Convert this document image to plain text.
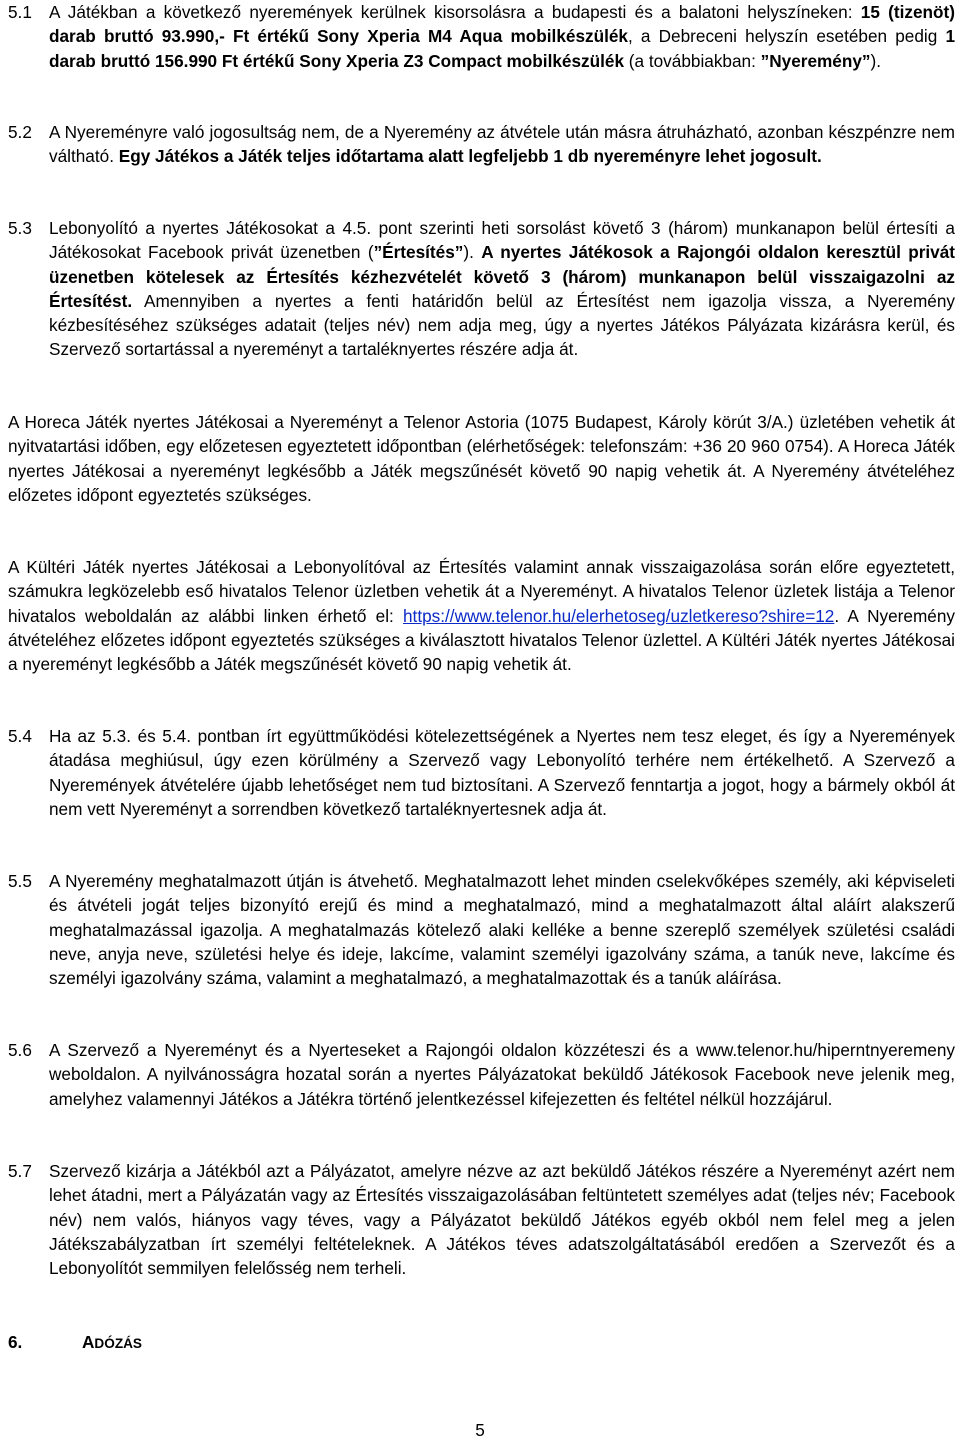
5.1 A Játékban a következő nyeremények kerülnek kisorsolásra a budapesti és a balatoni helyszíneken: 15 (tizenöt) darab bruttó 93.990,- Ft értékű Sony Xperia M4 Aqua mobilkészülék, a Debreceni helyszín esetében pedig 1 darab bruttó 156.990 Ft értékű Sony Xperia Z3 Compact mobilkészülék (a továbbiakban: ”Nyeremény”).
5.2 A Nyereményre való jogosultság nem, de a Nyeremény az átvétele után másra átruházható, azonban készpénzre nem váltható. Egy Játékos a Játék teljes időtartama alatt legfeljebb 1 db nyereményre lehet jogosult.
5.3 Lebonyolító a nyertes Játékosokat a 4.5. pont szerinti heti sorsolást követő 3 (három) munkanapon belül értesíti a Játékosokat Facebook privát üzenetben (”Értesítés”). A nyertes Játékosok a Rajongói oldalon keresztül privát üzenetben kötelesek az Értesítés kézhezvételét követő 3 (három) munkanapon belül visszaigazolni az Értesítést. Amennyiben a nyertes a fenti határidőn belül az Értesítést nem igazolja vissza, a Nyeremény kézbesítéséhez szükséges adatait (teljes név) nem adja meg, úgy a nyertes Játékos Pályázata kizárásra kerül, és Szervező sortartással a nyereményt a tartaléknyertes részére adja át.
A Horeca Játék nyertes Játékosai a Nyereményt a Telenor Astoria (1075 Budapest, Károly körút 3/A.) üzletében vehetik át nyitvatartási időben, egy előzetesen egyeztetett időpontban (elérhetőségek: telefonszám: +36 20 960 0754). A Horeca Játék nyertes Játékosai a nyereményt legkésőbb a Játék megszűnését követő 90 napig vehetik át. A Nyeremény átvételéhez előzetes időpont egyeztetés szükséges.
A Kültéri Játék nyertes Játékosai a Lebonyolítóval az Értesítés valamint annak visszaigazolása során előre egyeztetett, számukra legközelebb eső hivatalos Telenor üzletben vehetik át a Nyereményt. A hivatalos Telenor üzletek listája a Telenor hivatalos weboldalán az alábbi linken érhető el: https://www.telenor.hu/elerhetoseg/uzletkereso?shire=12. A Nyeremény átvételéhez előzetes időpont egyeztetés szükséges a kiválasztott hivatalos Telenor üzlettel. A Kültéri Játék nyertes Játékosai a nyereményt legkésőbb a Játék megszűnését követő 90 napig vehetik át.
5.4 Ha az 5.3. és 5.4. pontban írt együttműködési kötelezettségének a Nyertes nem tesz eleget, és így a Nyeremények átadása meghiúsul, úgy ezen körülmény a Szervező vagy Lebonyolító terhére nem értékelhető. A Szervező a Nyeremények átvételére újabb lehetőséget nem tud biztosítani. A Szervező fenntartja a jogot, hogy a bármely okból át nem vett Nyereményt a sorrendben következő tartaléknyertesnek adja át.
5.5 A Nyeremény meghatalmazott útján is átvehető. Meghatalmazott lehet minden cselekvőképes személy, aki képviseleti és átvételi jogát teljes bizonyító erejű és mind a meghatalmazó, mind a meghatalmazott által aláírt alakszerű meghatalmazással igazolja. A meghatalmazás kötelező alaki kelléke a benne szereplő személyek születési családi neve, anyja neve, születési helye és ideje, lakcíme, valamint személyi igazolvány száma, a tanúk neve, lakcíme és személyi igazolvány száma, valamint a meghatalmazó, a meghatalmazottak és a tanúk aláírása.
5.6 A Szervező a Nyereményt és a Nyerteseket a Rajongói oldalon közzéteszi és a www.telenor.hu/hiperntnyeremeny weboldalon. A nyilvánosságra hozatal során a nyertes Pályázatokat beküldő Játékosok Facebook neve jelenik meg, amelyhez valamennyi Játékos a Játékra történő jelentkezéssel kifejezetten és feltétel nélkül hozzájárul.
5.7 Szervező kizárja a Játékból azt a Pályázatot, amelyre nézve az azt beküldő Játékos részére a Nyereményt azért nem lehet átadni, mert a Pályázatán vagy az Értesítés visszaigazolásában feltüntetett személyes adat (teljes név; Facebook név) nem valós, hiányos vagy téves, vagy a Pályázatot beküldő Játékos egyéb okból nem felel meg a jelen Játékszabályzatban írt személyi feltételeknek. A Játékos téves adatszolgáltatásából eredően a Szervezőt és a Lebonyolítót semmilyen felelősség nem terheli.
6.	ADÓZÁS
5
